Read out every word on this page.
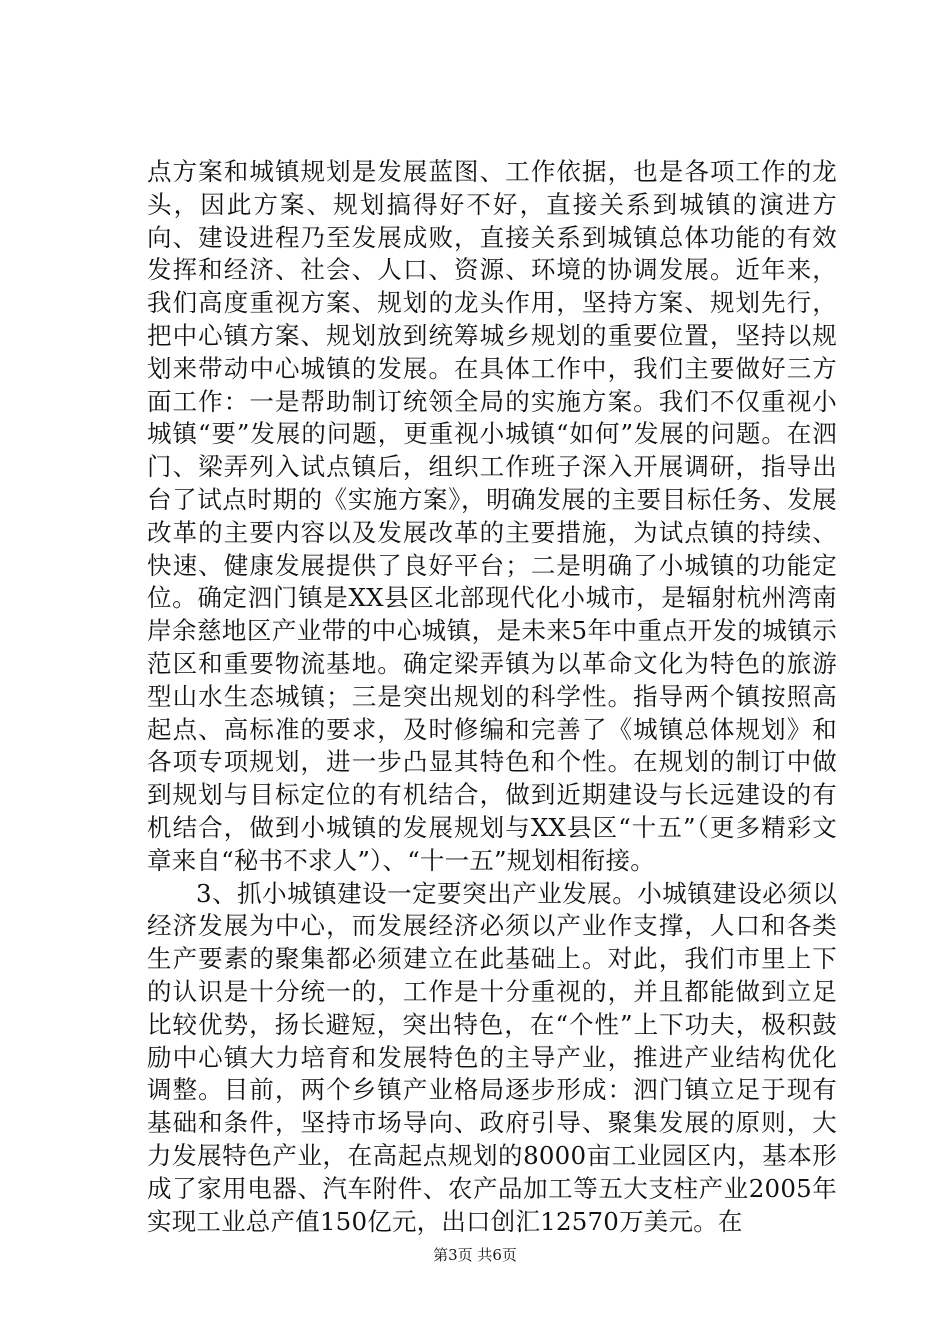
点方案和城镇规划是发展蓝图、工作依据，也是各项工作的龙头，因此方案、规划搞得好不好，直接关系到城镇的演进方向、建设进程乃至发展成败，直接关系到城镇总体功能的有效发挥和经济、社会、人口、资源、环境的协调发展。近年来，我们高度重视方案、规划的龙头作用，坚持方案、规划先行，把中心镇方案、规划放到统筹城乡规划的重要位置，坚持以规划来带动中心城镇的发展。在具体工作中，我们主要做好三方面工作：一是帮助制订统领全局的实施方案。我们不仅重视小城镇“要”发展的问题，更重视小城镇“如何”发展的问题。在泗门、梁弄列入试点镇后，组织工作班子深入开展调研，指导出台了试点时期的《实施方案》，明确发展的主要目标任务、发展改革的主要内容以及发展改革的主要措施，为试点镇的持续、快速、健康发展提供了良好平台；二是明确了小城镇的功能定位。确定泗门镇是XX县区北部现代化小城市，是辐射杭州湾南岸余慈地区产业带的中心城镇，是未来5年中重点开发的城镇示范区和重要物流基地。确定梁弄镇为以革命文化为特色的旅游型山水生态城镇；三是突出规划的科学性。指导两个镇按照高起点、高标准的要求，及时修编和完善了《城镇总体规划》和各项专项规划，进一步凸显其特色和个性。在规划的制订中做到规划与目标定位的有机结合，做到近期建设与长远建设的有机结合，做到小城镇的发展规划与XX县区“十五”（更多精彩文章来自“秘书不求人”）、“十一五”规划相衔接。

3、抓小城镇建设一定要突出产业发展。小城镇建设必须以经济发展为中心，而发展经济必须以产业作支撑，人口和各类生产要素的聚集都必须建立在此基础上。对此，我们市里上下的认识是十分统一的，工作是十分重视的，并且都能做到立足比较优势，扬长避短，突出特色，在“个性”上下功夫，极积鼓励中心镇大力培育和发展特色的主导产业，推进产业结构优化调整。目前，两个乡镇产业格局逐步形成：泗门镇立足于现有基础和条件，坚持市场导向、政府引导、聚集发展的原则，大力发展特色产业，在高起点规划的8000亩工业园区内，基本形成了家用电器、汽车附件、农产品加工等五大支柱产业2005年实现工业总产值150亿元，出口创汇12570万美元。在

第3页 共6页
